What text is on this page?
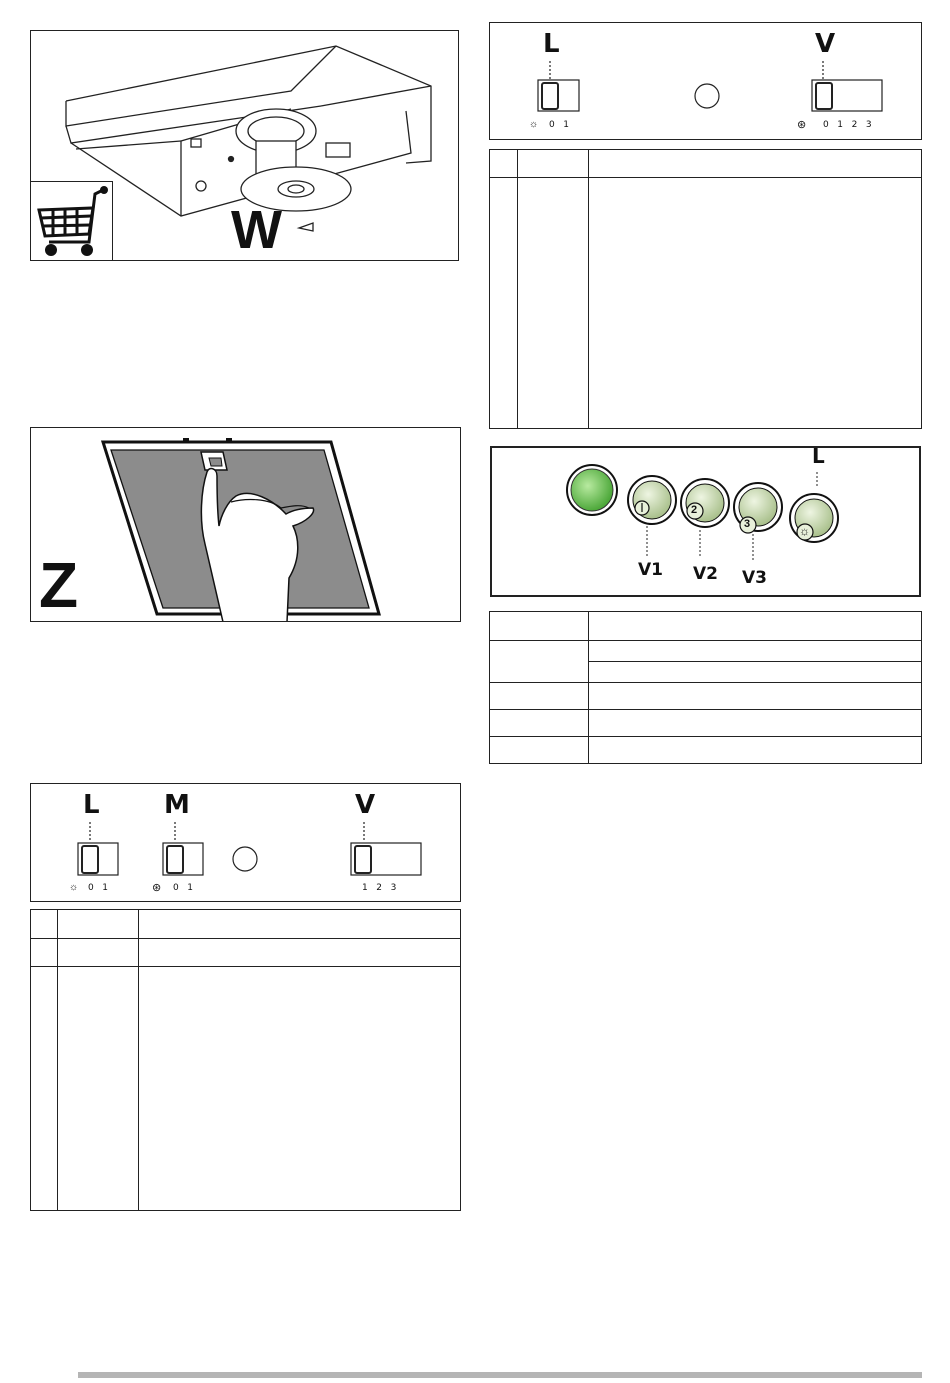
W
Z
L	V
☼ 0   1	⊛ 0   1   2   3

L
2
3	☼
V1 V2 V3

L M	V
☼ 0   1	⊛ 0   1	1   2   3
